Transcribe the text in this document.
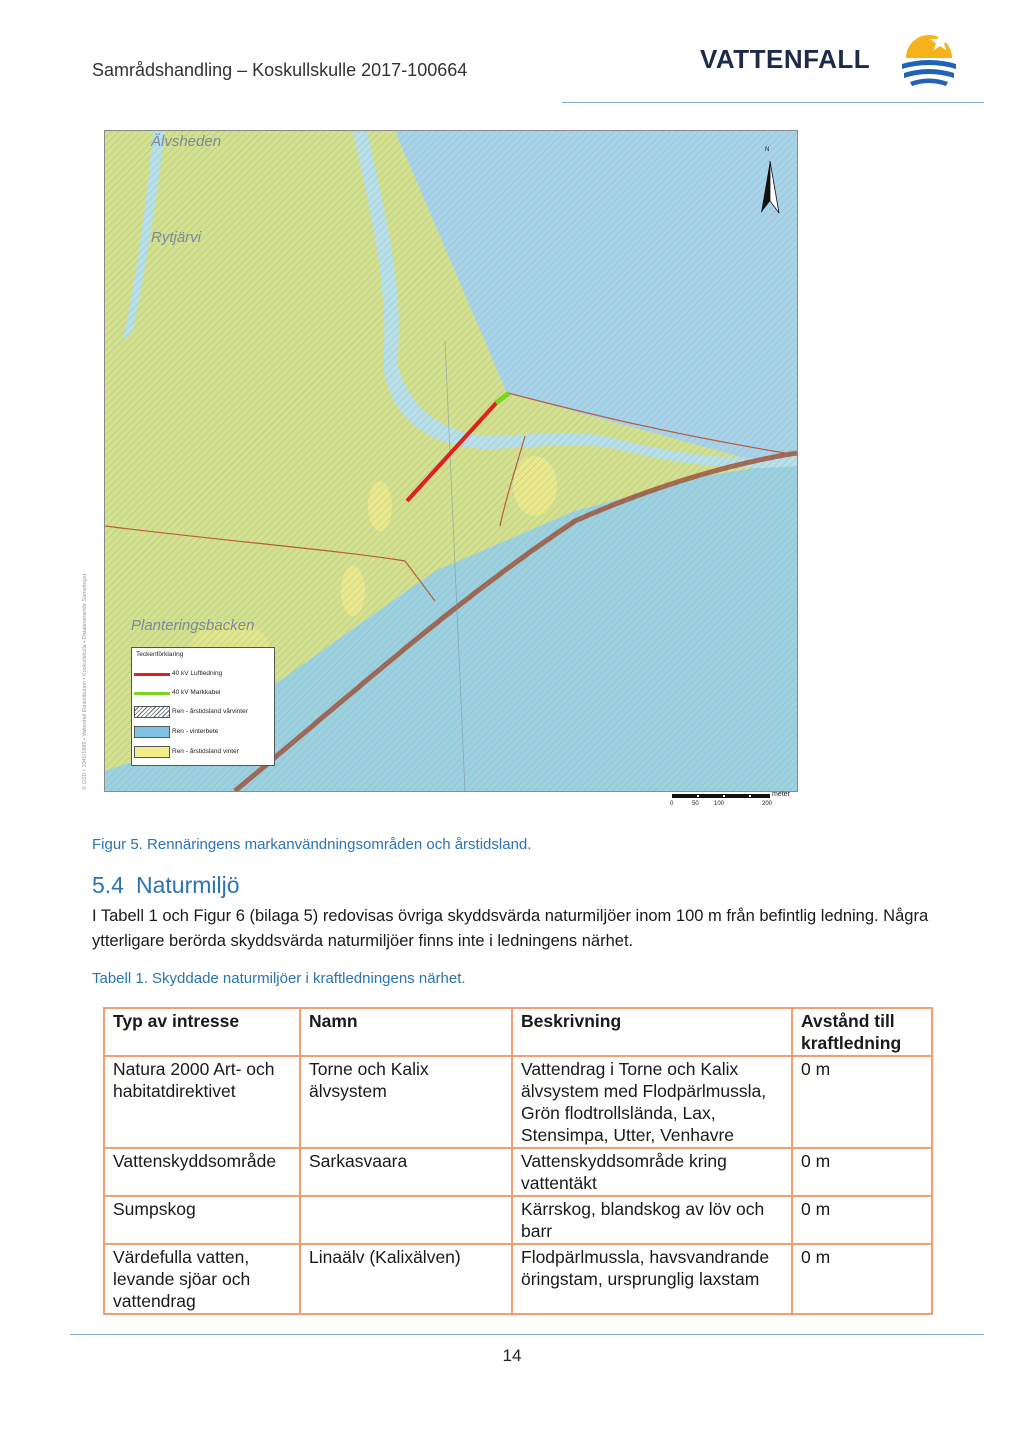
Samrådshandling – Koskullskulle 2017-100664	VATTENFALL
Älvsheden
Rytjärvi
Planteringsbacken
N
Teckenförklaring
40 kV Luftledning
40 kV Markkabel
Ren - årstidsland vårvinter
Ren - vinterbete
Ren - årstidsland vinter
© GSD • 1045/1889 • Vattenfall Eldistribution • Koskullskulle • Dataleverantör Sametinget
meter
0	50	100	200
Figur 5. Rennäringens markanvändningsområden och årstidsland.
5.4 Naturmiljö
I Tabell 1 och Figur 6 (bilaga 5) redovisas övriga skyddsvärda naturmiljöer inom 100 m från befintlig ledning. Några ytterligare berörda skyddsvärda naturmiljöer finns inte i ledningens närhet.
Tabell 1. Skyddade naturmiljöer i kraftledningens närhet.
Typ av intresse	Namn	Beskrivning	Avstånd till kraftledning
Natura 2000 Art- och habitatdirektivet	Torne och Kalix älvsystem	Vattendrag i Torne och Kalix älvsystem med Flodpärlmussla, Grön flodtrollslända, Lax, Stensimpa, Utter, Venhavre	0 m
Vattenskyddsområde	Sarkasvaara	Vattenskyddsområde kring vattentäkt	0 m
Sumpskog		Kärrskog, blandskog av löv och barr	0 m
Värdefulla vatten, levande sjöar och vattendrag	Linaälv (Kalixälven)	Flodpärlmussla, havsvandrande öringstam, ursprunglig laxstam	0 m
14
